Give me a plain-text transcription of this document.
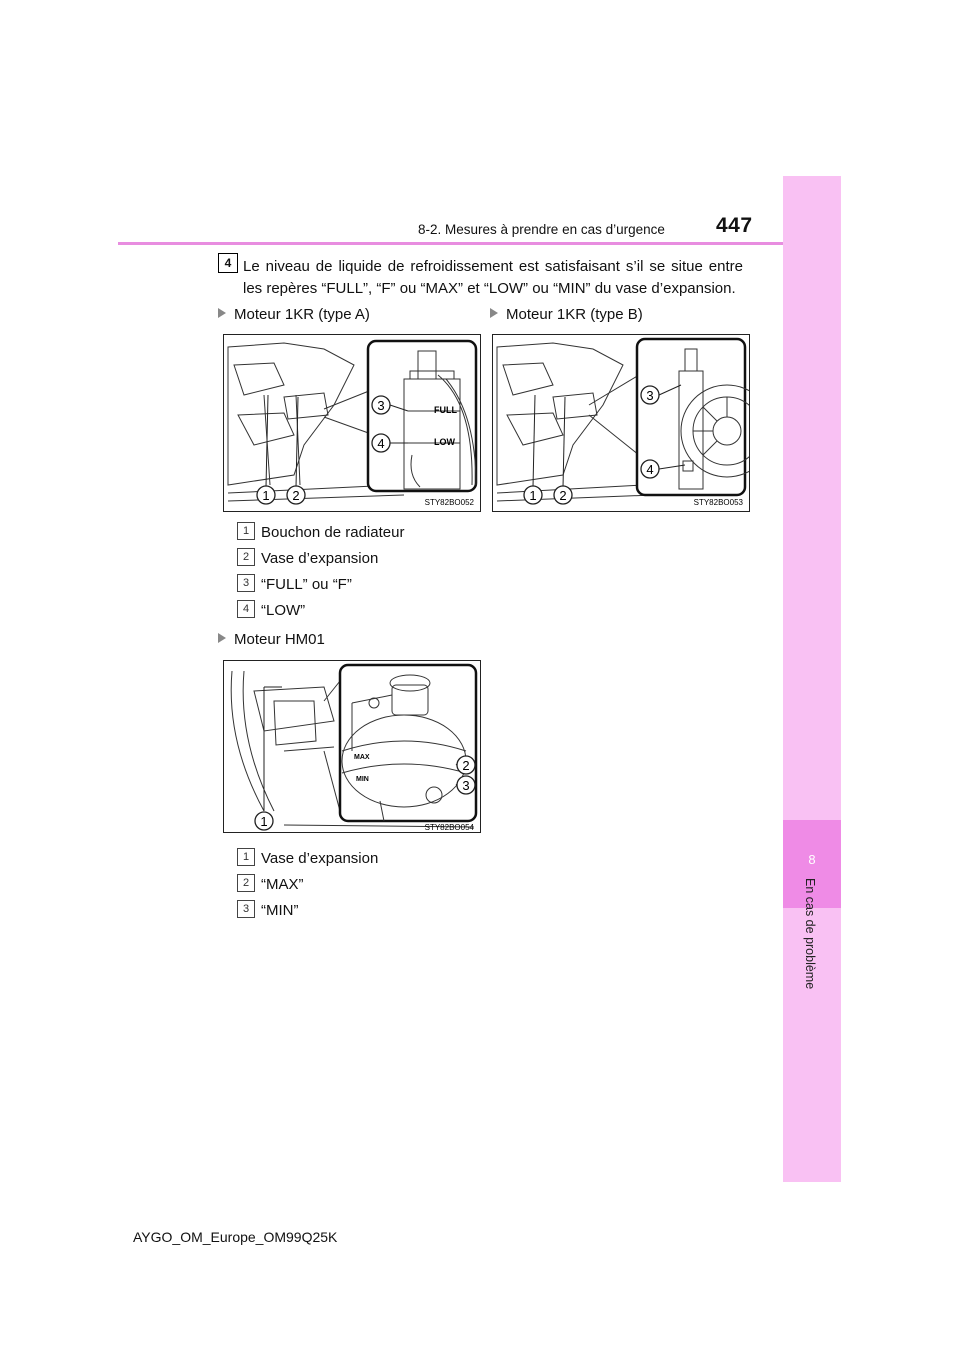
8-2. Mesures à prendre en cas d’urgence 447
8
En cas de problème
4 Le niveau de liquide de refroidissement est satisfaisant s’il se situe entre les repères “FULL”, “F” ou “MAX” et “LOW” ou “MIN” du vase d’expansion.
Moteur 1KR (type A)	Moteur 1KR (type B)
FULL
LOW
3
4
1 2	STY82BO052
3
4
1 2	STY82BO053
1 Bouchon de radiateur
2 Vase d’expansion
3 “FULL” ou “F”
4 “LOW”
Moteur HM01
MAX
MIN
2
3
1	STY82BO054
1 Vase d’expansion
2 “MAX”
3 “MIN”
AYGO_OM_Europe_OM99Q25K
